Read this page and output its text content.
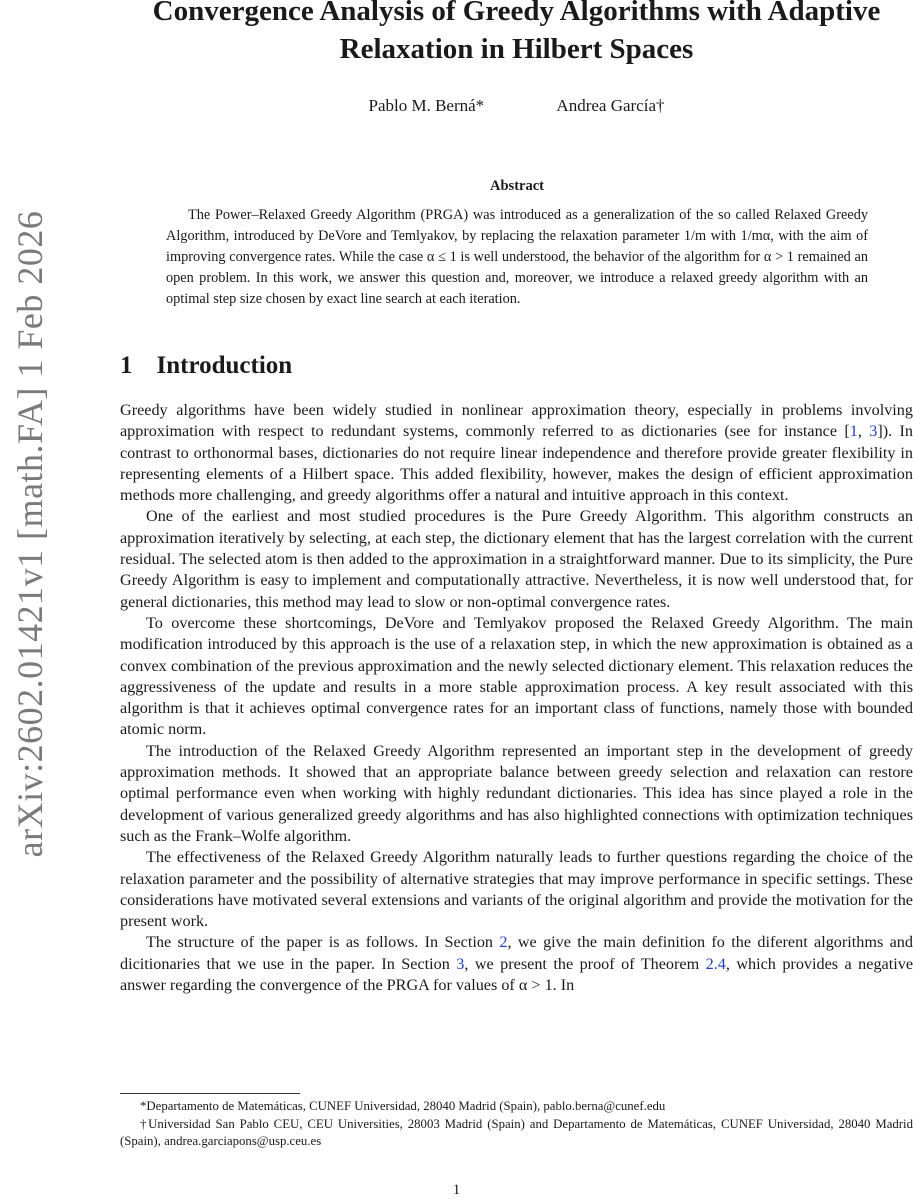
arXiv:2602.01421v1 [math.FA] 1 Feb 2026
Convergence Analysis of Greedy Algorithms with Adaptive Relaxation in Hilbert Spaces
Pablo M. Berná*	Andrea García†
Abstract

The Power–Relaxed Greedy Algorithm (PRGA) was introduced as a generalization of the so called Relaxed Greedy Algorithm, introduced by DeVore and Temlyakov, by replacing the relaxation parameter 1/m with 1/mα, with the aim of improving convergence rates. While the case α ≤ 1 is well understood, the behavior of the algorithm for α > 1 remained an open problem. In this work, we answer this question and, moreover, we introduce a relaxed greedy algorithm with an optimal step size chosen by exact line search at each iteration.

1 Introduction

Greedy algorithms have been widely studied in nonlinear approximation theory, especially in problems involving approximation with respect to redundant systems, commonly referred to as dictionaries (see for instance [1, 3]). In contrast to orthonormal bases, dictionaries do not require linear independence and therefore provide greater flexibility in representing elements of a Hilbert space. This added flexibility, however, makes the design of efficient approximation methods more challenging, and greedy algorithms offer a natural and intuitive approach in this context.

One of the earliest and most studied procedures is the Pure Greedy Algorithm. This algorithm constructs an approximation iteratively by selecting, at each step, the dictionary element that has the largest correlation with the current residual. The selected atom is then added to the approximation in a straightforward manner. Due to its simplicity, the Pure Greedy Algorithm is easy to implement and computationally attractive. Nevertheless, it is now well understood that, for general dictionaries, this method may lead to slow or non-optimal convergence rates.

To overcome these shortcomings, DeVore and Temlyakov proposed the Relaxed Greedy Algorithm. The main modification introduced by this approach is the use of a relaxation step, in which the new approximation is obtained as a convex combination of the previous approximation and the newly selected dictionary element. This relaxation reduces the aggressiveness of the update and results in a more stable approximation process. A key result associated with this algorithm is that it achieves optimal convergence rates for an important class of functions, namely those with bounded atomic norm.

The introduction of the Relaxed Greedy Algorithm represented an important step in the development of greedy approximation methods. It showed that an appropriate balance between greedy selection and relaxation can restore optimal performance even when working with highly redundant dictionaries. This idea has since played a role in the development of various generalized greedy algorithms and has also highlighted connections with optimization techniques such as the Frank–Wolfe algorithm.

The effectiveness of the Relaxed Greedy Algorithm naturally leads to further questions regarding the choice of the relaxation parameter and the possibility of alternative strategies that may improve performance in specific settings. These considerations have motivated several extensions and variants of the original algorithm and provide the motivation for the present work.

The structure of the paper is as follows. In Section 2, we give the main definition fo the diferent algorithms and dicitionaries that we use in the paper. In Section 3, we present the proof of Theorem 2.4, which provides a negative answer regarding the convergence of the PRGA for values of α > 1. In

*Departamento de Matemáticas, CUNEF Universidad, 28040 Madrid (Spain), pablo.berna@cunef.edu

†Universidad San Pablo CEU, CEU Universities, 28003 Madrid (Spain) and Departamento de Matemáticas, CUNEF Universidad, 28040 Madrid (Spain), andrea.garciapons@usp.ceu.es

1
